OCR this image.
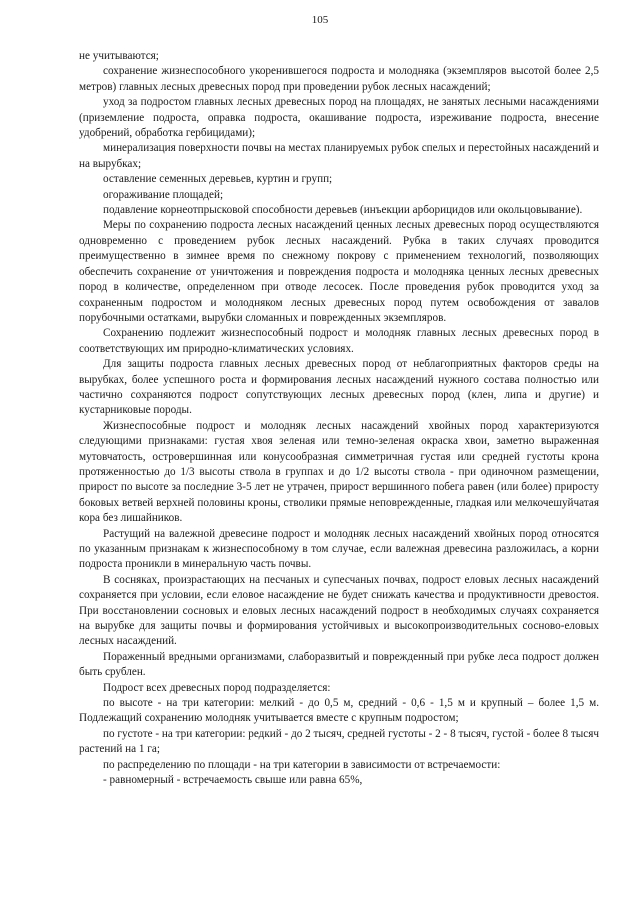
105

не учитываются;

сохранение жизнеспособного укоренившегося подроста и молодняка (экземпляров высотой более 2,5 метров) главных лесных древесных пород при проведении рубок лесных насаждений;

уход за подростом главных лесных древесных пород на площадях, не занятых лесными насаждениями (приземление подроста, оправка подроста, окашивание подроста, изреживание подроста, внесение удобрений, обработка гербицидами);

минерализация поверхности почвы на местах планируемых рубок спелых и перестойных насаждений и на вырубках;

оставление семенных деревьев, куртин и групп;

огораживание площадей;

подавление корнеотпрысковой способности деревьев (инъекции арборицидов или окольцовывание).

Меры по сохранению подроста лесных насаждений ценных лесных древесных пород осуществляются одновременно с проведением рубок лесных насаждений. Рубка в таких случаях проводится преимущественно в зимнее время по снежному покрову с применением технологий, позволяющих обеспечить сохранение от уничтожения и повреждения подроста и молодняка ценных лесных древесных пород в количестве, определенном при отводе лесосек. После проведения рубок проводится уход за сохраненным подростом и молодняком лесных древесных пород путем освобождения от завалов порубочными остатками, вырубки сломанных и поврежденных экземпляров.

Сохранению подлежит жизнеспособный подрост и молодняк главных лесных древесных пород в соответствующих им природно-климатических условиях.

Для защиты подроста главных лесных древесных пород от неблагоприятных факторов среды на вырубках, более успешного роста и формирования лесных насаждений нужного состава полностью или частично сохраняются подрост сопутствующих лесных древесных пород (клен, липа и другие) и кустарниковые породы.

Жизнеспособные подрост и молодняк лесных насаждений хвойных пород характеризуются следующими признаками: густая хвоя зеленая или темно-зеленая окраска хвои, заметно выраженная мутовчатость, островершинная или конусообразная симметричная густая или средней густоты крона протяженностью до 1/3 высоты ствола в группах и до 1/2 высоты ствола - при одиночном размещении, прирост по высоте за последние 3-5 лет не утрачен, прирост вершинного побега равен (или более) приросту боковых ветвей верхней половины кроны, стволики прямые неповрежденные, гладкая или мелкочешуйчатая кора без лишайников.

Растущий на валежной древесине подрост и молодняк лесных насаждений хвойных пород относятся по указанным признакам к жизнеспособному в том случае, если валежная древесина разложилась, а корни подроста проникли в минеральную часть почвы.

В сосняках, произрастающих на песчаных и супесчаных почвах, подрост еловых лесных насаждений сохраняется при условии, если еловое насаждение не будет снижать качества и продуктивности древостоя. При восстановлении сосновых и еловых лесных насаждений подрост в необходимых случаях сохраняется на вырубке для защиты почвы и формирования устойчивых и высокопроизводительных сосново-еловых лесных насаждений.

Пораженный вредными организмами, слаборазвитый и поврежденный при рубке леса подрост должен быть срублен.

Подрост всех древесных пород подразделяется:

по высоте - на три категории: мелкий - до 0,5 м, средний - 0,6 - 1,5 м и крупный – более 1,5 м. Подлежащий сохранению молодняк учитывается вместе с крупным подростом;

по густоте - на три категории: редкий - до 2 тысяч, средней густоты - 2 - 8 тысяч, густой - более 8 тысяч растений на 1 га;

по распределению по площади - на три категории в зависимости от встречаемости:

- равномерный - встречаемость свыше или равна 65%,
